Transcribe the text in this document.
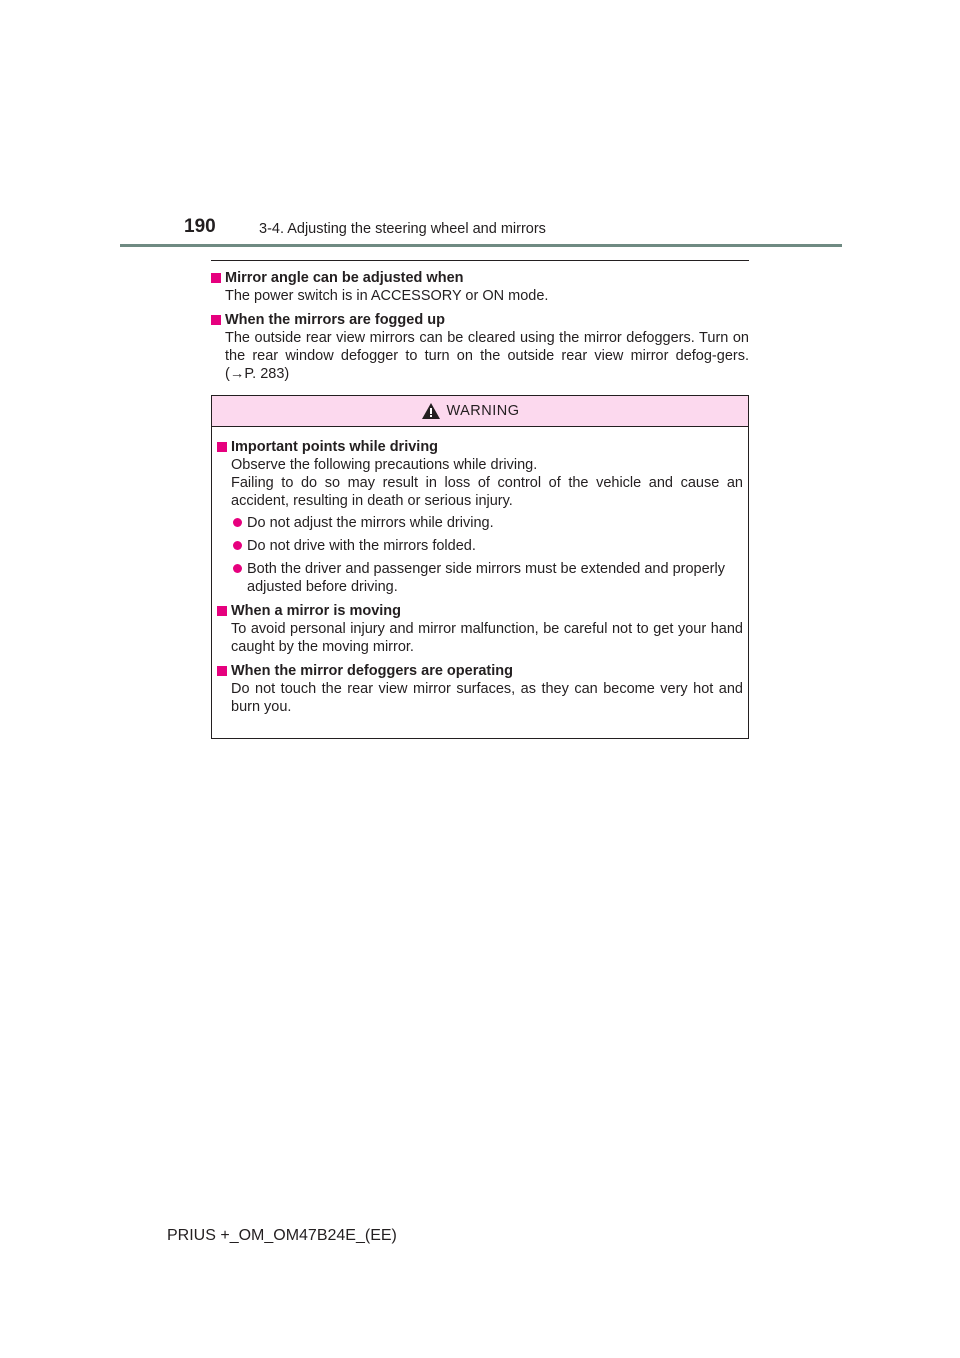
190	3-4. Adjusting the steering wheel and mirrors
Mirror angle can be adjusted when
The power switch is in ACCESSORY or ON mode.
When the mirrors are fogged up
The outside rear view mirrors can be cleared using the mirror defoggers. Turn on the rear window defogger to turn on the outside rear view mirror defog-gers. (→P. 283)
WARNING
Important points while driving
Observe the following precautions while driving.
Failing to do so may result in loss of control of the vehicle and cause an accident, resulting in death or serious injury.
Do not adjust the mirrors while driving.
Do not drive with the mirrors folded.
Both the driver and passenger side mirrors must be extended and properly adjusted before driving.
When a mirror is moving
To avoid personal injury and mirror malfunction, be careful not to get your hand caught by the moving mirror.
When the mirror defoggers are operating
Do not touch the rear view mirror surfaces, as they can become very hot and burn you.
PRIUS +_OM_OM47B24E_(EE)
